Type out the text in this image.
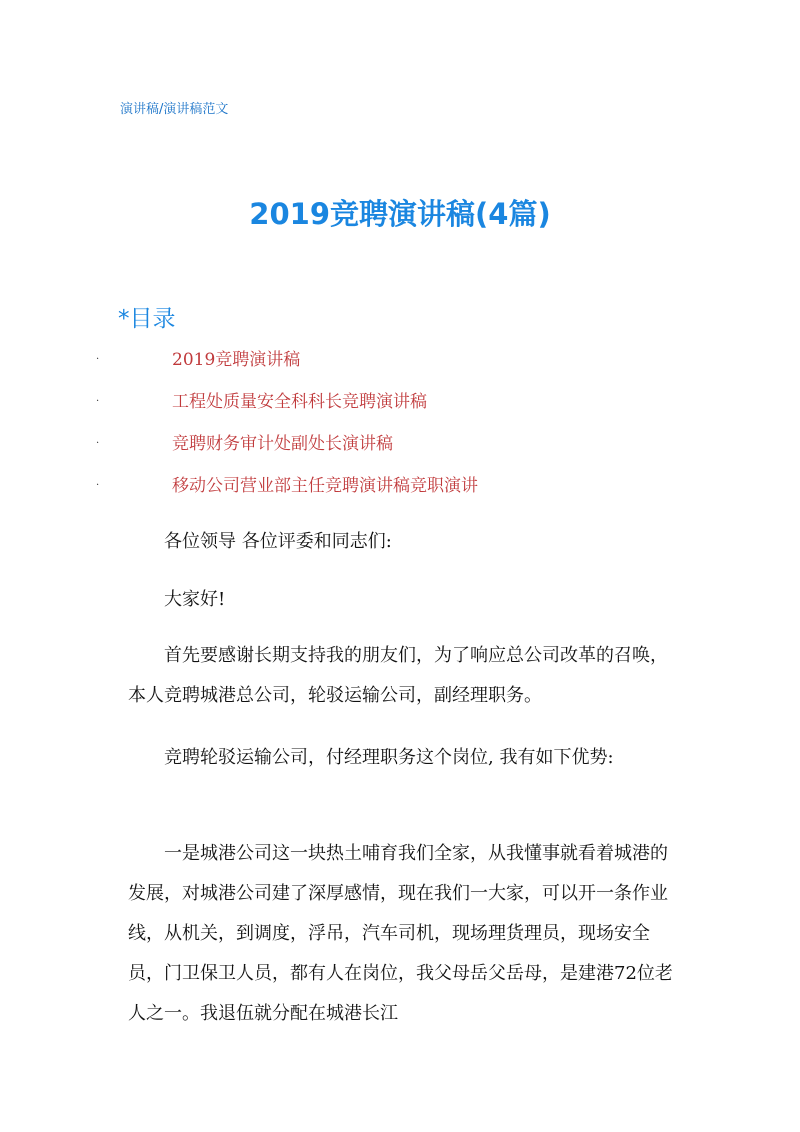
演讲稿/演讲稿范文
2019竞聘演讲稿(4篇)
*目录
.	2019竞聘演讲稿
.	工程处质量安全科科长竞聘演讲稿
.	竞聘财务审计处副处长演讲稿
.	移动公司营业部主任竞聘演讲稿竞职演讲

各位领导 各位评委和同志们:

大家好!

首先要感谢长期支持我的朋友们，为了响应总公司改革的召唤，本人竞聘城港总公司，轮驳运输公司，副经理职务。

竞聘轮驳运输公司，付经理职务这个岗位, 我有如下优势:

一是城港公司这一块热土哺育我们全家，从我懂事就看着城港的发展，对城港公司建了深厚感情，现在我们一大家，可以开一条作业线，从机关，到调度，浮吊，汽车司机，现场理货理员，现场安全员，门卫保卫人员，都有人在岗位，我父母岳父岳母，是建港72位老人之一。我退伍就分配在城港长江
